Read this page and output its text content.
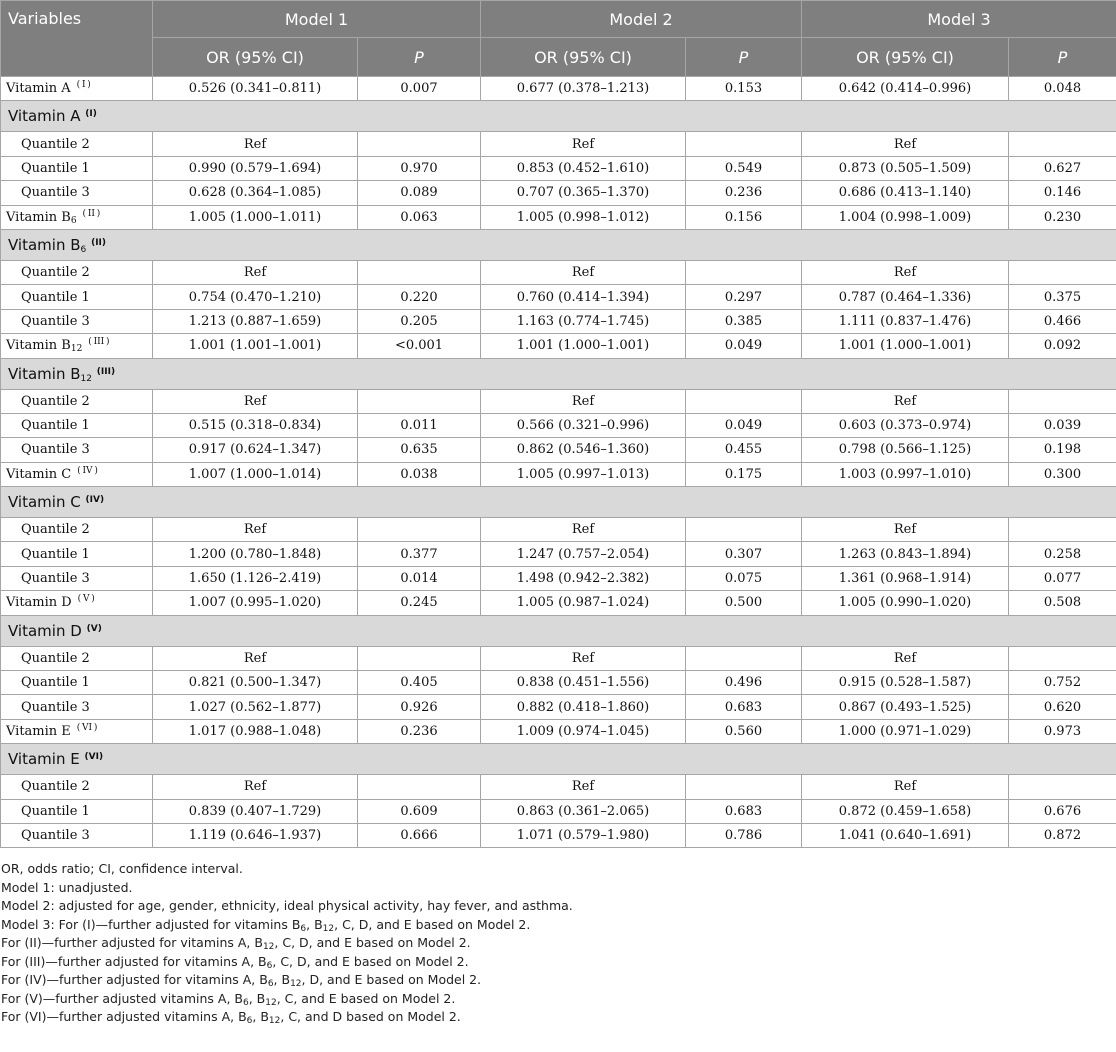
Variables	Model 1		Model 2		Model 3	
	OR (95% CI)	P	OR (95% CI)	P	OR (95% CI)	P
Vitamin A  $^{( I )}$	0.526 (0.341–0.811)	0.007	0.677 (0.378–1.213)	0.153	0.642 (0.414–0.996)	0.048
Vitamin A $^{(I)}$
Quantile 2	Ref		Ref		Ref	
Quantile 1	0.990 (0.579–1.694)	0.970	0.853 (0.452–1.610)	0.549	0.873 (0.505–1.509)	0.627
Quantile 3	0.628 (0.364–1.085)	0.089	0.707 (0.365–1.370)	0.236	0.686 (0.413–1.140)	0.146
Vitamin $B_6$  $^{( II )}$	1.005 (1.000–1.011)	0.063	1.005 (0.998–1.012)	0.156	1.004 (0.998–1.009)	0.230
Vitamin $B_6$ $^{(II)}$
Quantile 2	Ref		Ref		Ref	
Quantile 1	0.754 (0.470–1.210)	0.220	0.760 (0.414–1.394)	0.297	0.787 (0.464–1.336)	0.375
Quantile 3	1.213 (0.887–1.659)	0.205	1.163 (0.774–1.745)	0.385	1.111 (0.837–1.476)	0.466
Vitamin $B_{12}$  $^{( III )}$	1.001 (1.001–1.001)	<0.001	1.001 (1.000–1.001)	0.049	1.001 (1.000–1.001)	0.092
Vitamin $B_{12}$ $^{(III)}$
Quantile 2	Ref		Ref		Ref	
Quantile 1	0.515 (0.318–0.834)	0.011	0.566 (0.321–0.996)	0.049	0.603 (0.373–0.974)	0.039
Quantile 3	0.917 (0.624–1.347)	0.635	0.862 (0.546–1.360)	0.455	0.798 (0.566–1.125)	0.198
Vitamin C  $^{( IV )}$	1.007 (1.000–1.014)	0.038	1.005 (0.997–1.013)	0.175	1.003 (0.997–1.010)	0.300
Vitamin C $^{(IV)}$
Quantile 2	Ref		Ref		Ref	
Quantile 1	1.200 (0.780–1.848)	0.377	1.247 (0.757–2.054)	0.307	1.263 (0.843–1.894)	0.258
Quantile 3	1.650 (1.126–2.419)	0.014	1.498 (0.942–2.382)	0.075	1.361 (0.968–1.914)	0.077
Vitamin D  $^{( V )}$	1.007 (0.995–1.020)	0.245	1.005 (0.987–1.024)	0.500	1.005 (0.990–1.020)	0.508
Vitamin D $^{(V)}$
Quantile 2	Ref		Ref		Ref	
Quantile 1	0.821 (0.500–1.347)	0.405	0.838 (0.451–1.556)	0.496	0.915 (0.528–1.587)	0.752
Quantile 3	1.027 (0.562–1.877)	0.926	0.882 (0.418–1.860)	0.683	0.867 (0.493–1.525)	0.620
Vitamin E  $^{( VI )}$	1.017 (0.988–1.048)	0.236	1.009 (0.974–1.045)	0.560	1.000 (0.971–1.029)	0.973
Vitamin E $^{(VI)}$
Quantile 2	Ref		Ref		Ref	
Quantile 1	0.839 (0.407–1.729)	0.609	0.863 (0.361–2.065)	0.683	0.872 (0.459–1.658)	0.676
Quantile 3	1.119 (0.646–1.937)	0.666	1.071 (0.579–1.980)	0.786	1.041 (0.640–1.691)	0.872
OR, odds ratio; CI, confidence interval.
Model 1: unadjusted.
Model 2: adjusted for age, gender, ethnicity, ideal physical activity, hay fever, and asthma.
Model 3: For (I)—further adjusted for vitamins $B_6$, $B_{12}$, C, D, and E based on Model 2.
For (II)—further adjusted for vitamins A, $B_{12}$, C, D, and E based on Model 2.
For (III)—further adjusted for vitamins A, $B_6$, C, D, and E based on Model 2.
For (IV)—further adjusted for vitamins A, $B_6$, $B_{12}$, D, and E based on Model 2.
For (V)—further adjusted vitamins A, $B_6$, $B_{12}$, C, and E based on Model 2.
For (VI)—further adjusted vitamins A, $B_6$, $B_{12}$, C, and D based on Model 2.
